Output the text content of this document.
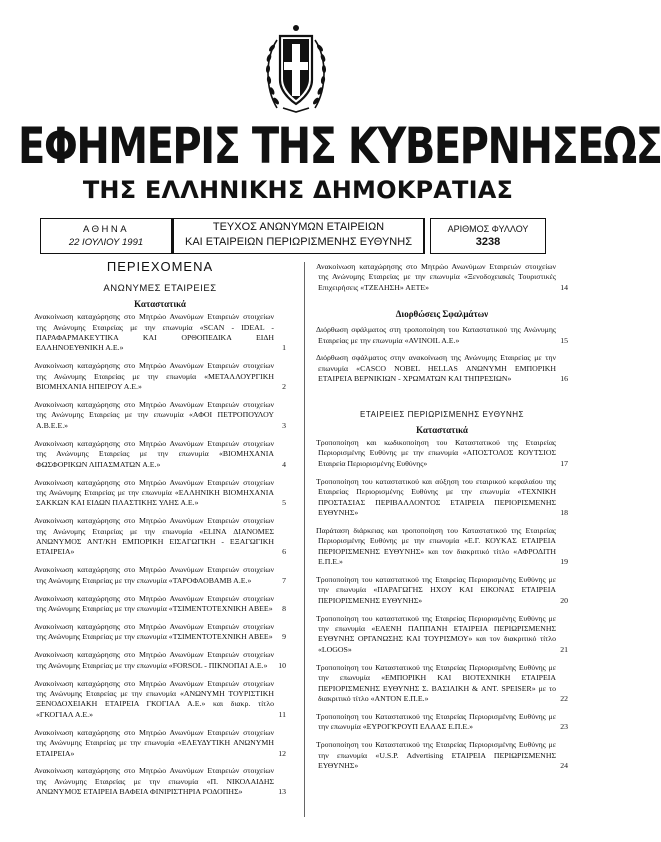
ΕΦΗΜΕΡΙΣ ΤΗΣ ΚΥΒΕΡΝΗΣΕΩΣ
ΤΗΣ ΕΛΛΗΝΙΚΗΣ ΔΗΜΟΚΡΑΤΙΑΣ
ΑΘΗΝΑ
22 ΙΟΥΛΙΟΥ 1991
ΤΕΥΧΟΣ ΑΝΩΝΥΜΩΝ ΕΤΑΙΡΕΙΩΝ
ΚΑΙ ΕΤΑΙΡΕΙΩΝ ΠΕΡΙΩΡΙΣΜΕΝΗΣ ΕΥΘΥΝΗΣ
ΑΡΙΘΜΟΣ ΦΥΛΛΟΥ
3238
ΠΕΡΙΕΧΟΜΕΝΑ
ΑΝΩΝΥΜΕΣ ΕΤΑΙΡΕΙΕΣ
Καταστατικά
Ανακοίνωση καταχώρησης στο Μητρώο Ανωνύμων Εταιρειών στοιχείων της Ανώνυμης Εταιρείας με την επωνυμία «SCAN - IDEAL - ΠΑΡΑΦΑΡΜΑΚΕΥΤΙΚΑ ΚΑΙ ΟΡΘΟΠΕΔΙΚΑ ΕΙΔΗ ΕΛΛΗΝΟΕΥΘΝΙΚΗ Α.Ε.»	1
Ανακοίνωση καταχώρησης στο Μητρώο Ανωνύμων Εταιρειών στοιχείων της Ανώνυμης Εταιρείας με την επωνυμία «ΜΕΤΑΛΛΟΥΡΓΙΚΗ ΒΙΟΜΗΧΑΝΙΑ ΗΠΕΙΡΟΥ Α.Ε.»	2
Ανακοίνωση καταχώρησης στο Μητρώο Ανωνύμων Εταιρειών στοιχείων της Ανώνυμης Εταιρείας με την επωνυμία «ΑΦΟΙ ΠΕΤΡΟΠΟΥΛΟΥ Α.Β.Ε.Ε.»	3
Ανακοίνωση καταχώρησης στο Μητρώο Ανωνύμων Εταιρειών στοιχείων της Ανώνυμης Εταιρείας με την επωνυμία «ΒΙΟΜΗΧΑΝΙΑ ΦΩΣΦΟΡΙΚΩΝ ΛΙΠΑΣΜΑΤΩΝ Α.Ε.»	4
Ανακοίνωση καταχώρησης στο Μητρώο Ανωνύμων Εταιρειών στοιχείων της Ανώνυμης Εταιρείας με την επωνυμία «ΕΛΛΗΝΙΚΗ ΒΙΟΜΗΧΑΝΙΑ ΣΑΚΚΩΝ ΚΑΙ ΕΙΔΩΝ ΠΛΑΣΤΙΚΗΣ ΥΛΗΣ Α.Ε.»	5
Ανακοίνωση καταχώρησης στο Μητρώο Ανωνύμων Εταιρειών στοιχείων της Ανώνυμης Εταιρείας με την επωνυμία «ELINA ΔΙΑΝΟΜΕΣ ΑΝΩΝΥΜΟΣ ΑΝΤ/ΚΗ ΕΜΠΟΡΙΚΗ ΕΙΣΑΓΩΓΙΚΗ - ΕΞΑΓΩΓΙΚΗ ΕΤΑΙΡΕΙΑ»	6
Ανακοίνωση καταχώρησης στο Μητρώο Ανωνύμων Εταιρειών στοιχείων της Ανώνυμης Εταιρείας με την επωνυμία «ΤΑΡΟΦΑΟΒΑΜΒ Α.Ε.»	7
Ανακοίνωση καταχώρησης στο Μητρώο Ανωνύμων Εταιρειών στοιχείων της Ανώνυμης Εταιρείας με την επωνυμία «ΤΣΙΜΕΝΤΟΤΕΧΝΙΚΗ ΑΒΕΕ» 8
Ανακοίνωση καταχώρησης στο Μητρώο Ανωνύμων Εταιρειών στοιχείων της Ανώνυμης Εταιρείας με την επωνυμία «ΤΣΙΜΕΝΤΟΤΕΧΝΙΚΗ ΑΒΕΕ» 9
Ανακοίνωση καταχώρησης στο Μητρώο Ανωνύμων Εταιρειών στοιχείων της Ανώνυμης Εταιρείας με την επωνυμία «FORSOL - ΠΙΚΝΟΠΑΙ Α.Ε.» 10
Ανακοίνωση καταχώρησης στο Μητρώο Ανωνύμων Εταιρειών στοιχείων της Ανώνυμης Εταιρείας με την επωνυμία «ΑΝΩΝΥΜΗ ΤΟΥΡΙΣΤΙΚΗ ΞΕΝΟΔΟΧΕΙΑΚΗ ΕΤΑΙΡΕΙΑ ΓΚΟΓΙΑΛ Α.Ε.» και διακρ. τίτλο «ΓΚΟΓΙΑΛ Α.Ε.»	11
Ανακοίνωση καταχώρησης στο Μητρώο Ανωνύμων Εταιρειών στοιχείων της Ανώνυμης Εταιρείας με την επωνυμία «ΕΛΕΥΔΥΤΙΚΗ ΑΝΩΝΥΜΗ ΕΤΑΙΡΕΙΑ»	12
Ανακοίνωση καταχώρησης στο Μητρώο Ανωνύμων Εταιρειών στοιχείων της Ανώνυμης Εταιρείας με την επωνυμία «Π. ΝΙΚΟΛΑΙΔΗΣ ΑΝΩΝΥΜΟΣ ΕΤΑΙΡΕΙΑ ΒΑΦΕΙΑ ΦΙΝΙΡΙΣΤΗΡΙΑ ΡΟΔΟΠΗΣ»	13
Ανακοίνωση καταχώρησης στο Μητρώο Ανωνύμων Εταιρειών στοιχείων της Ανώνυμης Εταιρείας με την επωνυμία «Ξενοδοχειακές Τουριστικές Επιχειρήσεις «ΤΖΕΛΗΣΗ» ΑΕΤΕ»	14
Διορθώσεις Σφαλμάτων
Διόρθωση σφάλματος στη τροποποίηση του Καταστατικού της Ανώνυμης Εταιρείας με την επωνυμία «AVINOIL A.E.»	15
Διόρθωση σφάλματος στην ανακοίνωση της Ανώνυμης Εταιρείας με την επωνυμία «CASCO NOBEL HELLAS ΑΝΩΝΥΜΗ ΕΜΠΟΡΙΚΗ ΕΤΑΙΡΕΙΑ ΒΕΡΝΙΚΙΩΝ - ΧΡΩΜΑΤΩΝ ΚΑΙ ΤΗΠΡΕΣΙΩΝ»	16
ΕΤΑΙΡΕΙΕΣ ΠΕΡΙΩΡΙΣΜΕΝΗΣ ΕΥΘΥΝΗΣ
Καταστατικά
Τροποποίηση και κωδικοποίηση του Καταστατικού της Εταιρείας Περιορισμένης Ευθύνης με την επωνυμία «ΑΠΟΣΤΟΛΟΣ ΚΟΥΤΣΙΟΣ Εταιρεία Περιορισμένης Ευθύνης»	17
Τροποποίηση του καταστατικού και αύξηση του εταιρικού κεφαλαίου της Εταιρείας Περιορισμένης Ευθύνης με την επωνυμία «ΤΕΧΝΙΚΗ ΠΡΟΣΤΑΣΙΑΣ ΠΕΡΙΒΑΛΛΟΝΤΟΣ ΕΤΑΙΡΕΙΑ ΠΕΡΙΟΡΙΣΜΕΝΗΣ ΕΥΘΥΝΗΣ»	18
Παράταση διάρκειας και τροποποίηση του Καταστατικού της Εταιρείας Περιορισμένης Ευθύνης με την επωνυμία «Ε.Γ. ΚΟΥΚΑΣ ΕΤΑΙΡΕΙΑ ΠΕΡΙΟΡΙΣΜΕΝΗΣ ΕΥΘΥΝΗΣ» και τον διακριτικό τίτλο «ΑΦΡΟΔΙΤΗ Ε.Π.Ε.»	19
Τροποποίηση του καταστατικού της Εταιρείας Περιορισμένης Ευθύνης με την επωνυμία «ΠΑΡΑΓΩΓΗΣ ΗΧΟΥ ΚΑΙ ΕΙΚΟΝΑΣ ΕΤΑΙΡΕΙΑ ΠΕΡΙΟΡΙΣΜΕΝΗΣ ΕΥΘΥΝΗΣ»	20
Τροποποίηση του καταστατικού της Εταιρείας Περιορισμένης Ευθύνης με την επωνυμία «ΕΛΕΝΗ ΠΑΠΠΑΝΗ ΕΤΑΙΡΕΙΑ ΠΕΡΙΩΡΙΣΜΕΝΗΣ ΕΥΘΥΝΗΣ ΟΡΓΑΝΩΣΗΣ ΚΑΙ ΤΟΥΡΙΣΜΟΥ» και τον διακριτικό τίτλο «LOGOS»	21
Τροποποίηση του Καταστατικού της Εταιρείας Περιορισμένης Ευθύνης με την επωνυμία «ΕΜΠΟΡΙΚΗ ΚΑΙ ΒΙΟΤΕΧΝΙΚΗ ΕΤΑΙΡΕΙΑ ΠΕΡΙΟΡΙΣΜΕΝΗΣ ΕΥΘΥΝΗΣ Σ. ΒΑΣΙΛΙΚΗ & ANT. SPEISER» με το διακριτικό τίτλο «ΑΝΤΟΝ Ε.Π.Ε.»	22
Τροποποίηση του Καταστατικού της Εταιρείας Περιορισμένης Ευθύνης με την επωνυμία «ΕΥΡΟΓΚΡΟΥΠ ΕΛΛΑΣ Ε.Π.Ε.»	23
Τροποποίηση του Καταστατικού της Εταιρείας Περιορισμένης Ευθύνης με την επωνυμία «U.S.P. Advertising ΕΤΑΙΡΕΙΑ ΠΕΡΙΩΡΙΣΜΕΝΗΣ ΕΥΘΥΝΗΣ»	24
